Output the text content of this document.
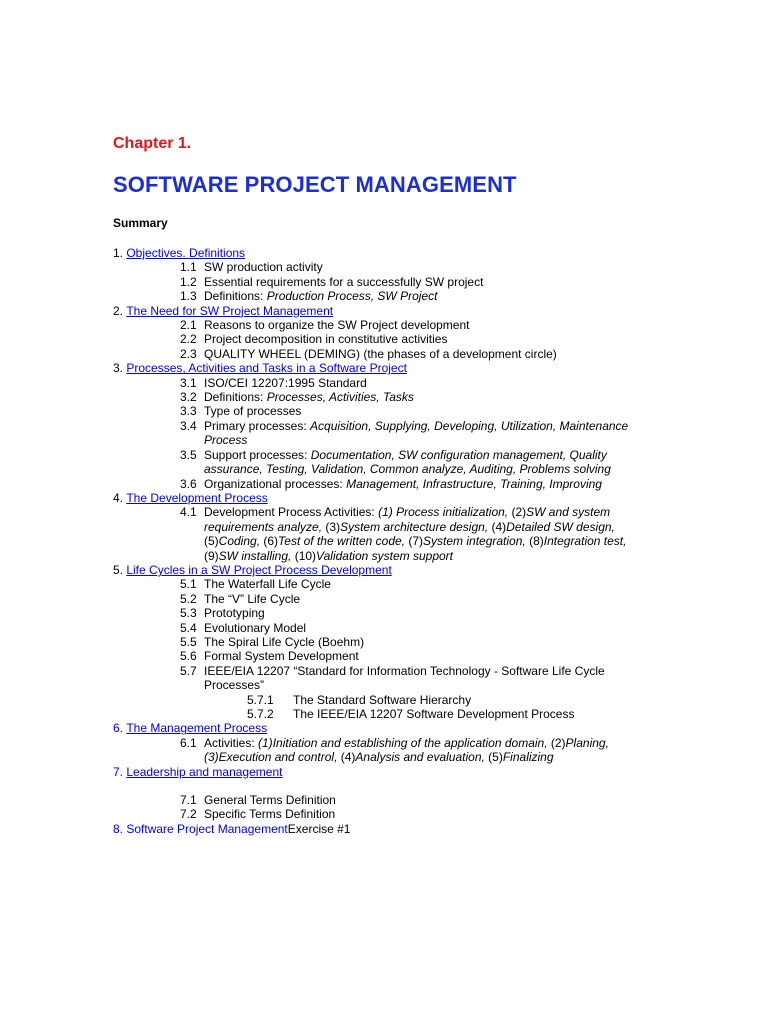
Chapter 1.
SOFTWARE PROJECT MANAGEMENT
Summary
1. Objectives. Definitions
1.1 SW production activity
1.2 Essential requirements for a successfully SW project
1.3 Definitions: Production Process, SW Project
2. The Need for SW Project Management
2.1 Reasons to organize the SW Project development
2.2 Project decomposition in constitutive activities
2.3 QUALITY WHEEL (DEMING) (the phases of a development circle)
3. Processes, Activities and Tasks in a Software Project
3.1 ISO/CEI 12207:1995 Standard
3.2 Definitions: Processes, Activities, Tasks
3.3 Type of processes
3.4 Primary processes: Acquisition, Supplying, Developing, Utilization, Maintenance Process
3.5 Support processes: Documentation, SW configuration management, Quality assurance, Testing, Validation, Common analyze, Auditing, Problems solving
3.6 Organizational processes: Management, Infrastructure, Training, Improving
4. The Development Process
4.1 Development Process Activities: (1) Process initialization, (2)SW and system requirements analyze, (3)System architecture design, (4)Detailed SW design, (5)Coding, (6)Test of the written code, (7)System integration, (8)Integration test, (9)SW installing, (10)Validation system support
5. Life Cycles in a SW Project Process Development
5.1 The Waterfall Life Cycle
5.2 The “V” Life Cycle
5.3 Prototyping
5.4 Evolutionary Model
5.5 The Spiral Life Cycle (Boehm)
5.6 Formal System Development
5.7 IEEE/EIA 12207 “Standard for Information Technology - Software Life Cycle Processes”
5.7.1	The Standard Software Hierarchy
5.7.2	The IEEE/EIA 12207 Software Development Process
6. The Management Process
6.1 Activities: (1)Initiation and establishing of the application domain, (2)Planing, (3)Execution and control, (4)Analysis and evaluation, (5)Finalizing
7. Leadership and management
7.1 General Terms Definition
7.2 Specific Terms Definition
8. Software Project Management Exercise #1
